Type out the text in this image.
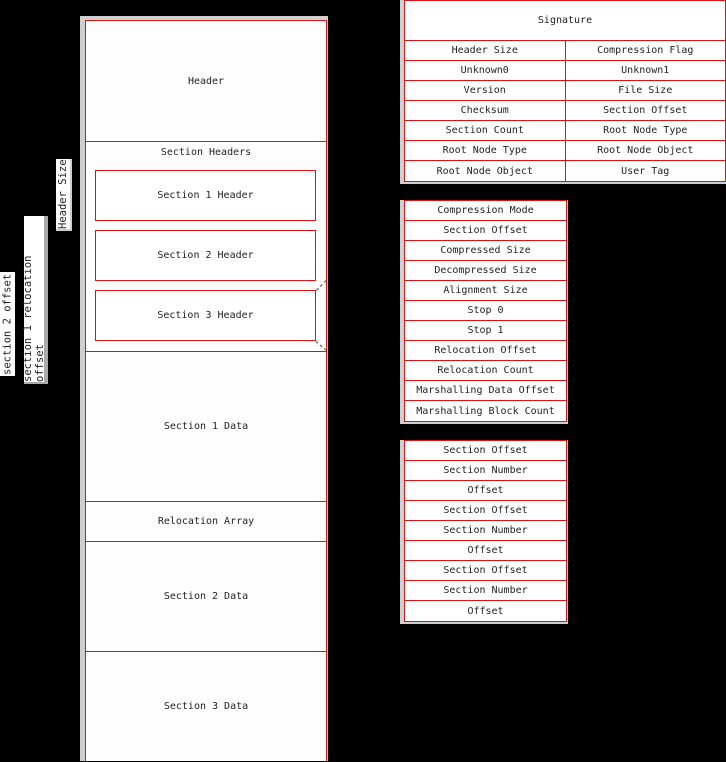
Header
Section Headers
Section 1 Data
Relocation Array
Section 2 Data
Section 3 Data
Section 1 Header
Section 2 Header
Section 3 Header
Header Size
section 1 relocation offset
section 2 offset
Signature
Header Size	Compression Flag
Unknown0	Unknown1
Version	File Size
Checksum	Section Offset
Section Count	Root Node Type
Root Node Type	Root Node Object
Root Node Object	User Tag
Compression Mode
Section Offset
Compressed Size
Decompressed Size
Alignment Size
Stop 0
Stop 1
Relocation Offset
Relocation Count
Marshalling Data Offset
Marshalling Block Count
Section Offset
Section Number
Offset
Section Offset
Section Number
Offset
Section Offset
Section Number
Offset
